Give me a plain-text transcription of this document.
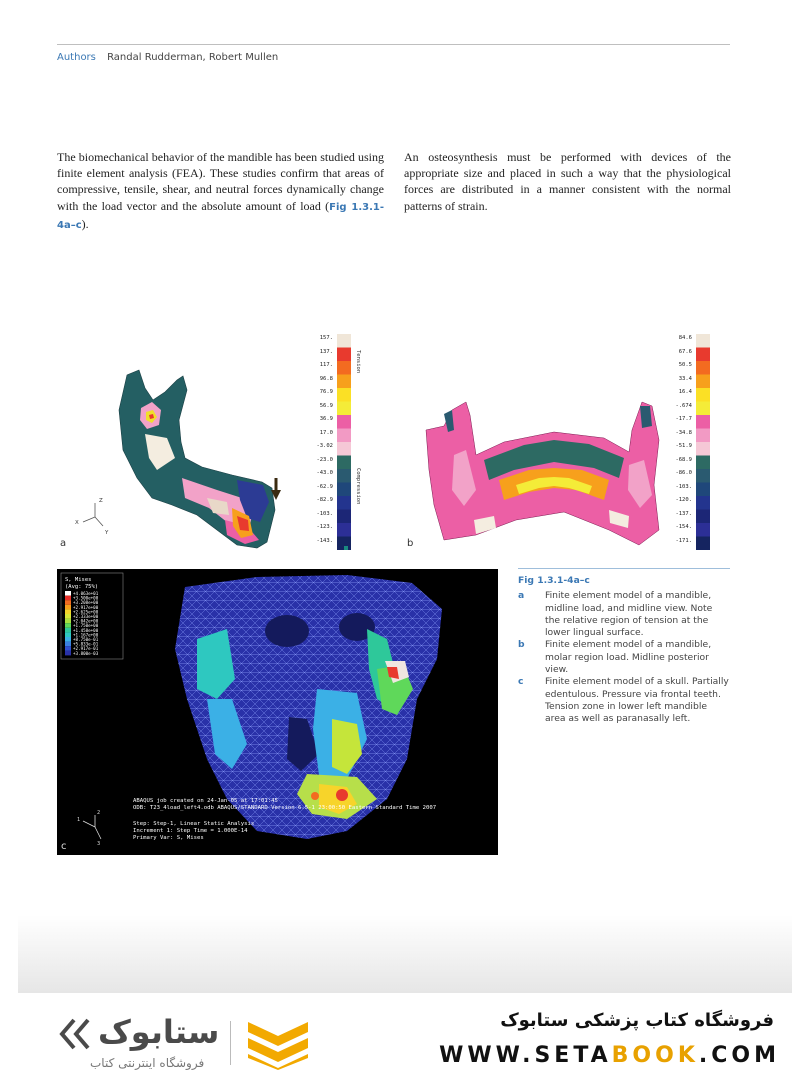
Authors Randal Rudderman, Robert Mullen

The biomechanical behavior of the mandible has been studied using finite element analysis (FEA). These studies confirm that areas of compressive, tensile, shear, and neutral forces dynamically change with the load vector and the absolute amount of load (Fig 1.3.1-4a–c).

An osteosynthesis must be performed with devices of the appropriate size and placed in such a way that the physiological forces are distributed in a manner consistent with the normal patterns of strain.

Z
X
Y
Tension
Compression
157.
137.
117.
96.8
76.9
56.9
36.9
17.0
-3.02
-23.0
-43.0
-62.9
-82.9
-103.
-123.
-143.
a
84.6
67.6
50.5
33.4
16.4
-.674
-17.7
-34.8
-51.9
-68.9
-86.0
-103.
-120.
-137.
-154.
-171.
b
S, Mises
(Avg: 75%)
+4.063e+01
+3.500e+00
+3.208e+00
+2.917e+00
+2.625e+00
+2.333e+00
+2.042e+00
+1.750e+00
+1.458e+00
+1.167e+00
+8.750e-01
+5.833e-01
+2.917e-01
+3.800e-03
ABAQUS job created on 24-Jan-05 at 17:01:45
ODB: T23_4load_left4.odb ABAQUS/STANDARD Version 6.5-1 23:00:50 Eastern Standard Time 2007
Step: Step-1, Linear Static Analysis
Increment 1: Step Time = 1.000E-14
Primary Var: S, Mises
2
1
3
c
Fig 1.3.1-4a–c
a	Finite element model of a mandible, midline load, and midline view. Note the relative region of tension at the lower lingual surface.
b	Finite element model of a mandible, molar region load. Midline posterior view.
c	Finite element model of a skull. Partially edentulous. Pressure via frontal teeth. Tension zone in lower left mandible area as well as paranasally left.
ستابوک
فروشگاه اینترنتی کتاب
فروشگاه کتاب پزشکی ستابوک
WWW.SETABOOK.COM
